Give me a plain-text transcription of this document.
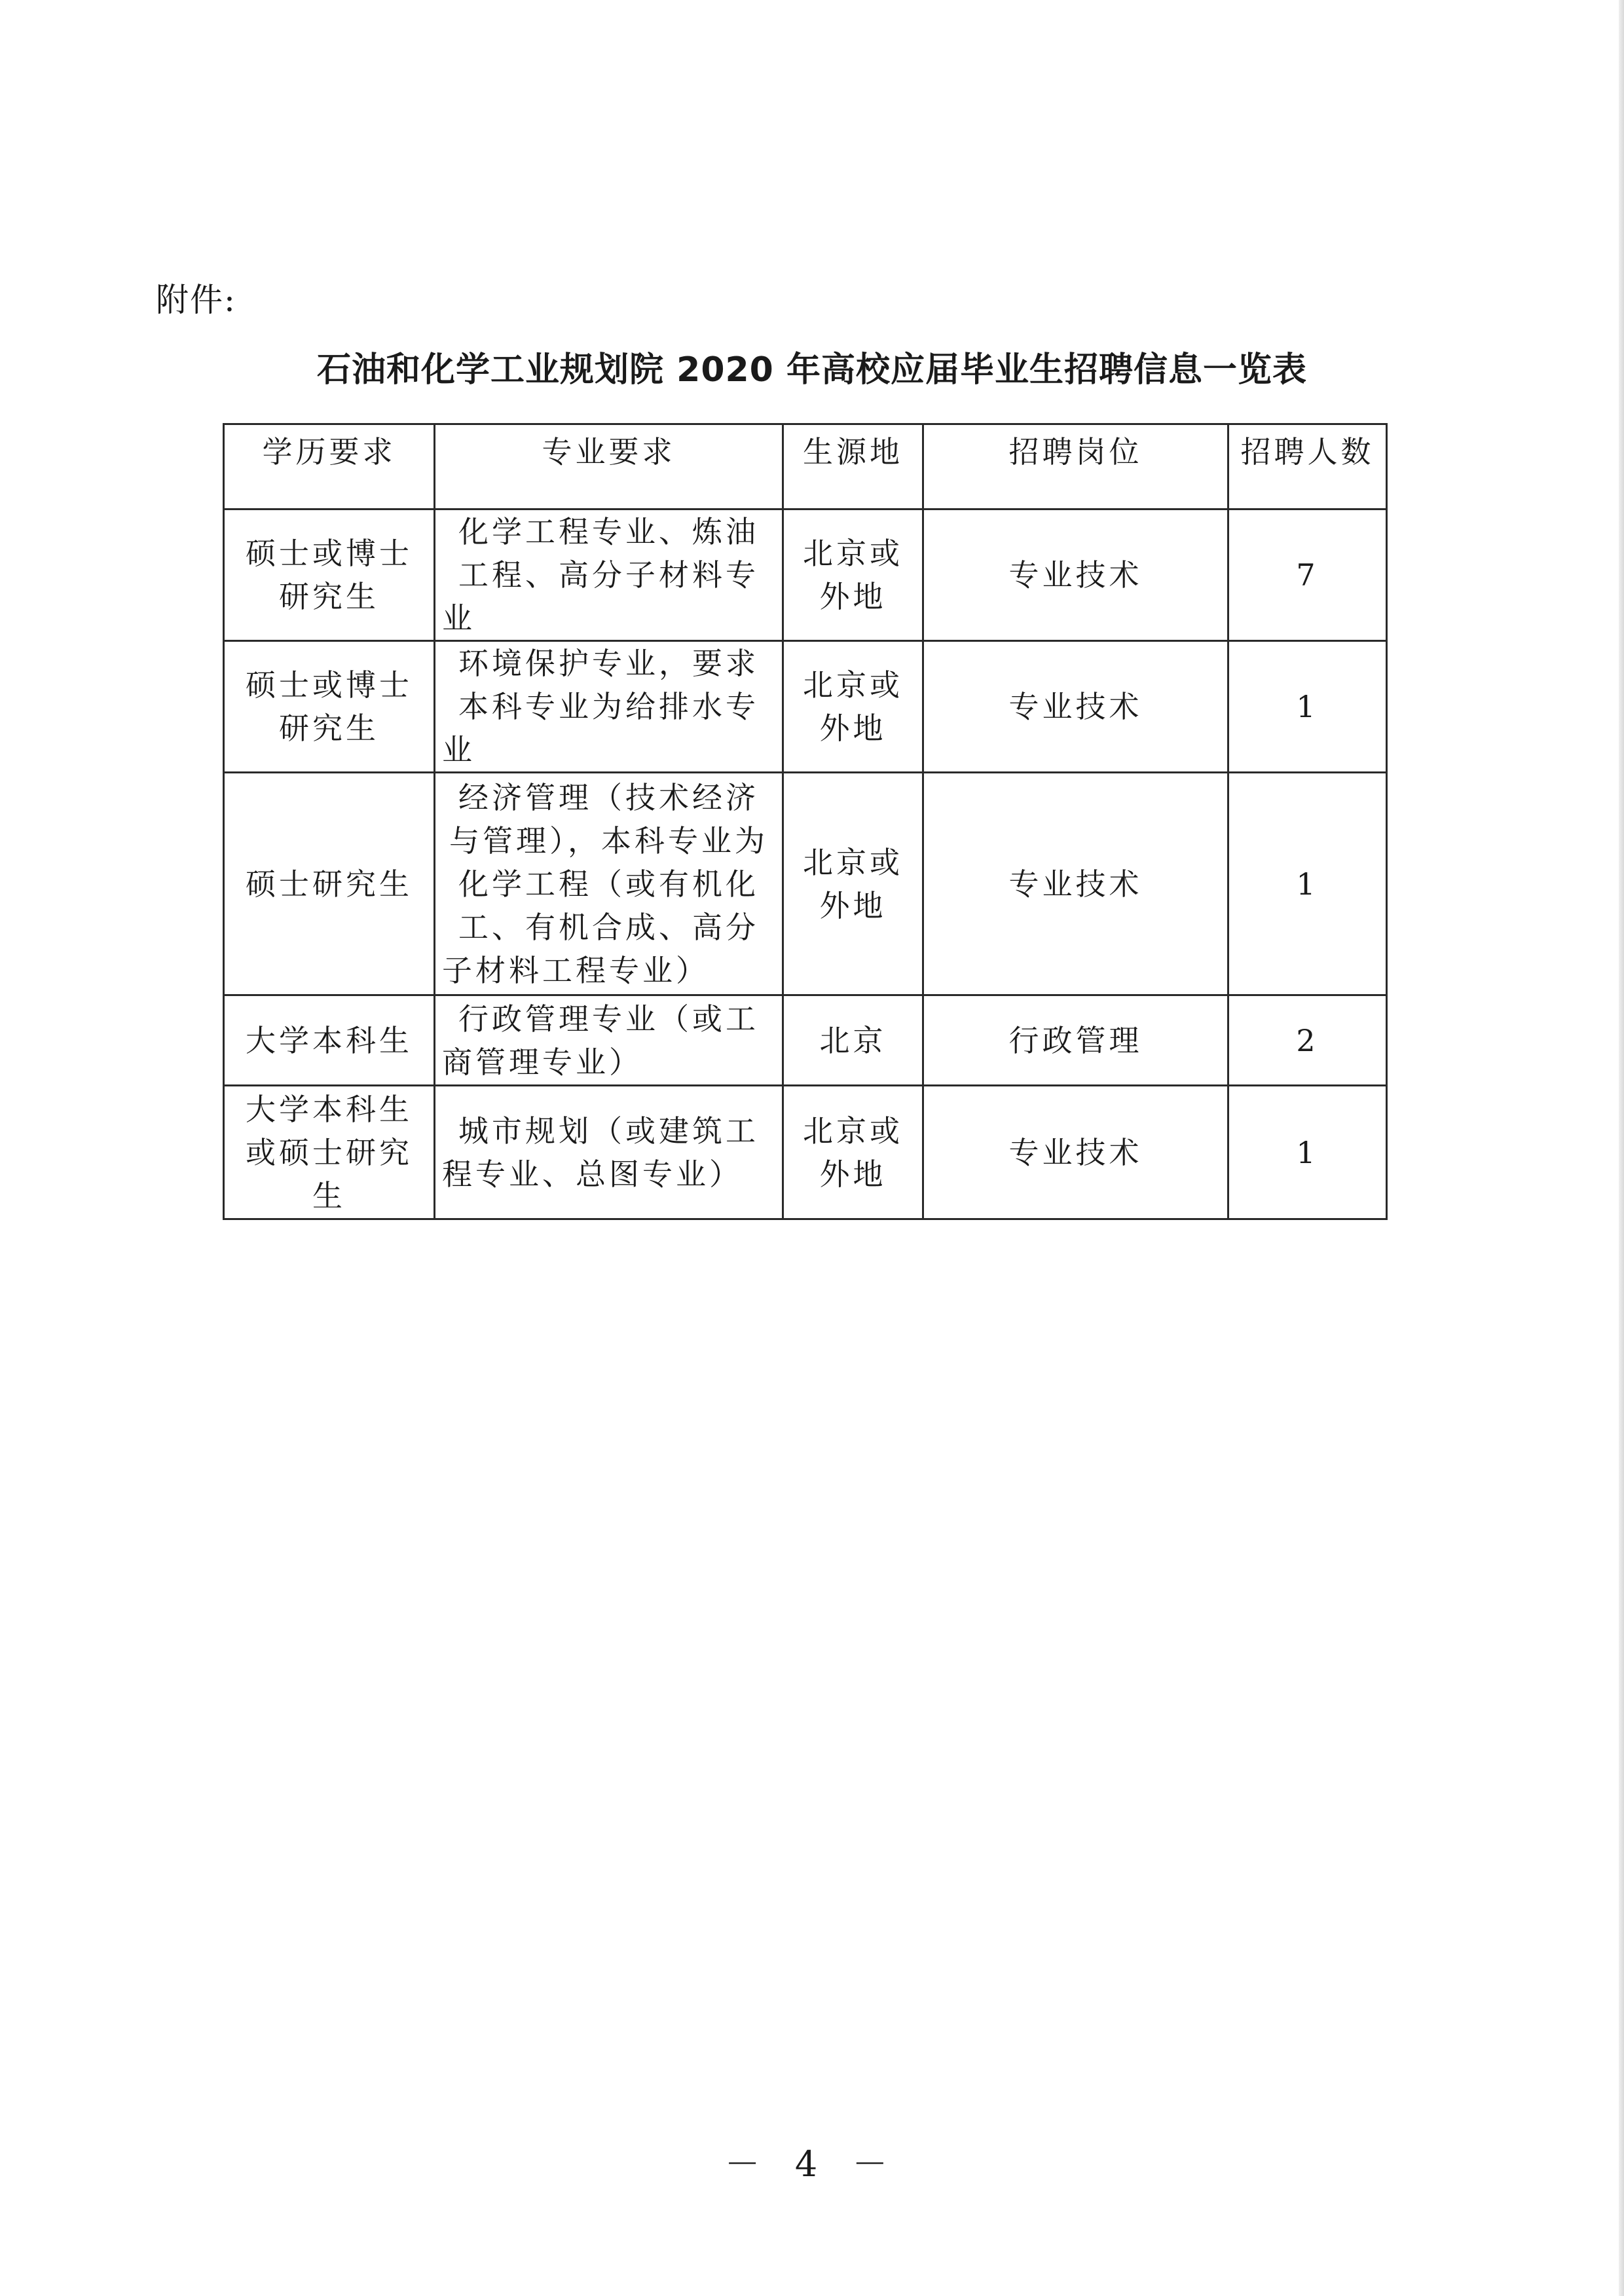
附件:
石油和化学工业规划院 2020 年高校应届毕业生招聘信息一览表
学历要求	专业要求	生源地	招聘岗位	招聘人数
硕士或博士研究生	化学工程专业、炼油工程、高分子材料专业	北京或外地	专业技术	7
硕士或博士研究生	环境保护专业，要求本科专业为给排水专业	北京或外地	专业技术	1
硕士研究生	经济管理（技术经济与管理），本科专业为化学工程（或有机化工、有机合成、高分子材料工程专业）	北京或外地	专业技术	1
大学本科生	行政管理专业（或工商管理专业）	北京	行政管理	2
大学本科生或硕士研究生	城市规划（或建筑工程专业、总图专业）	北京或外地	专业技术	1
－ 4 －
